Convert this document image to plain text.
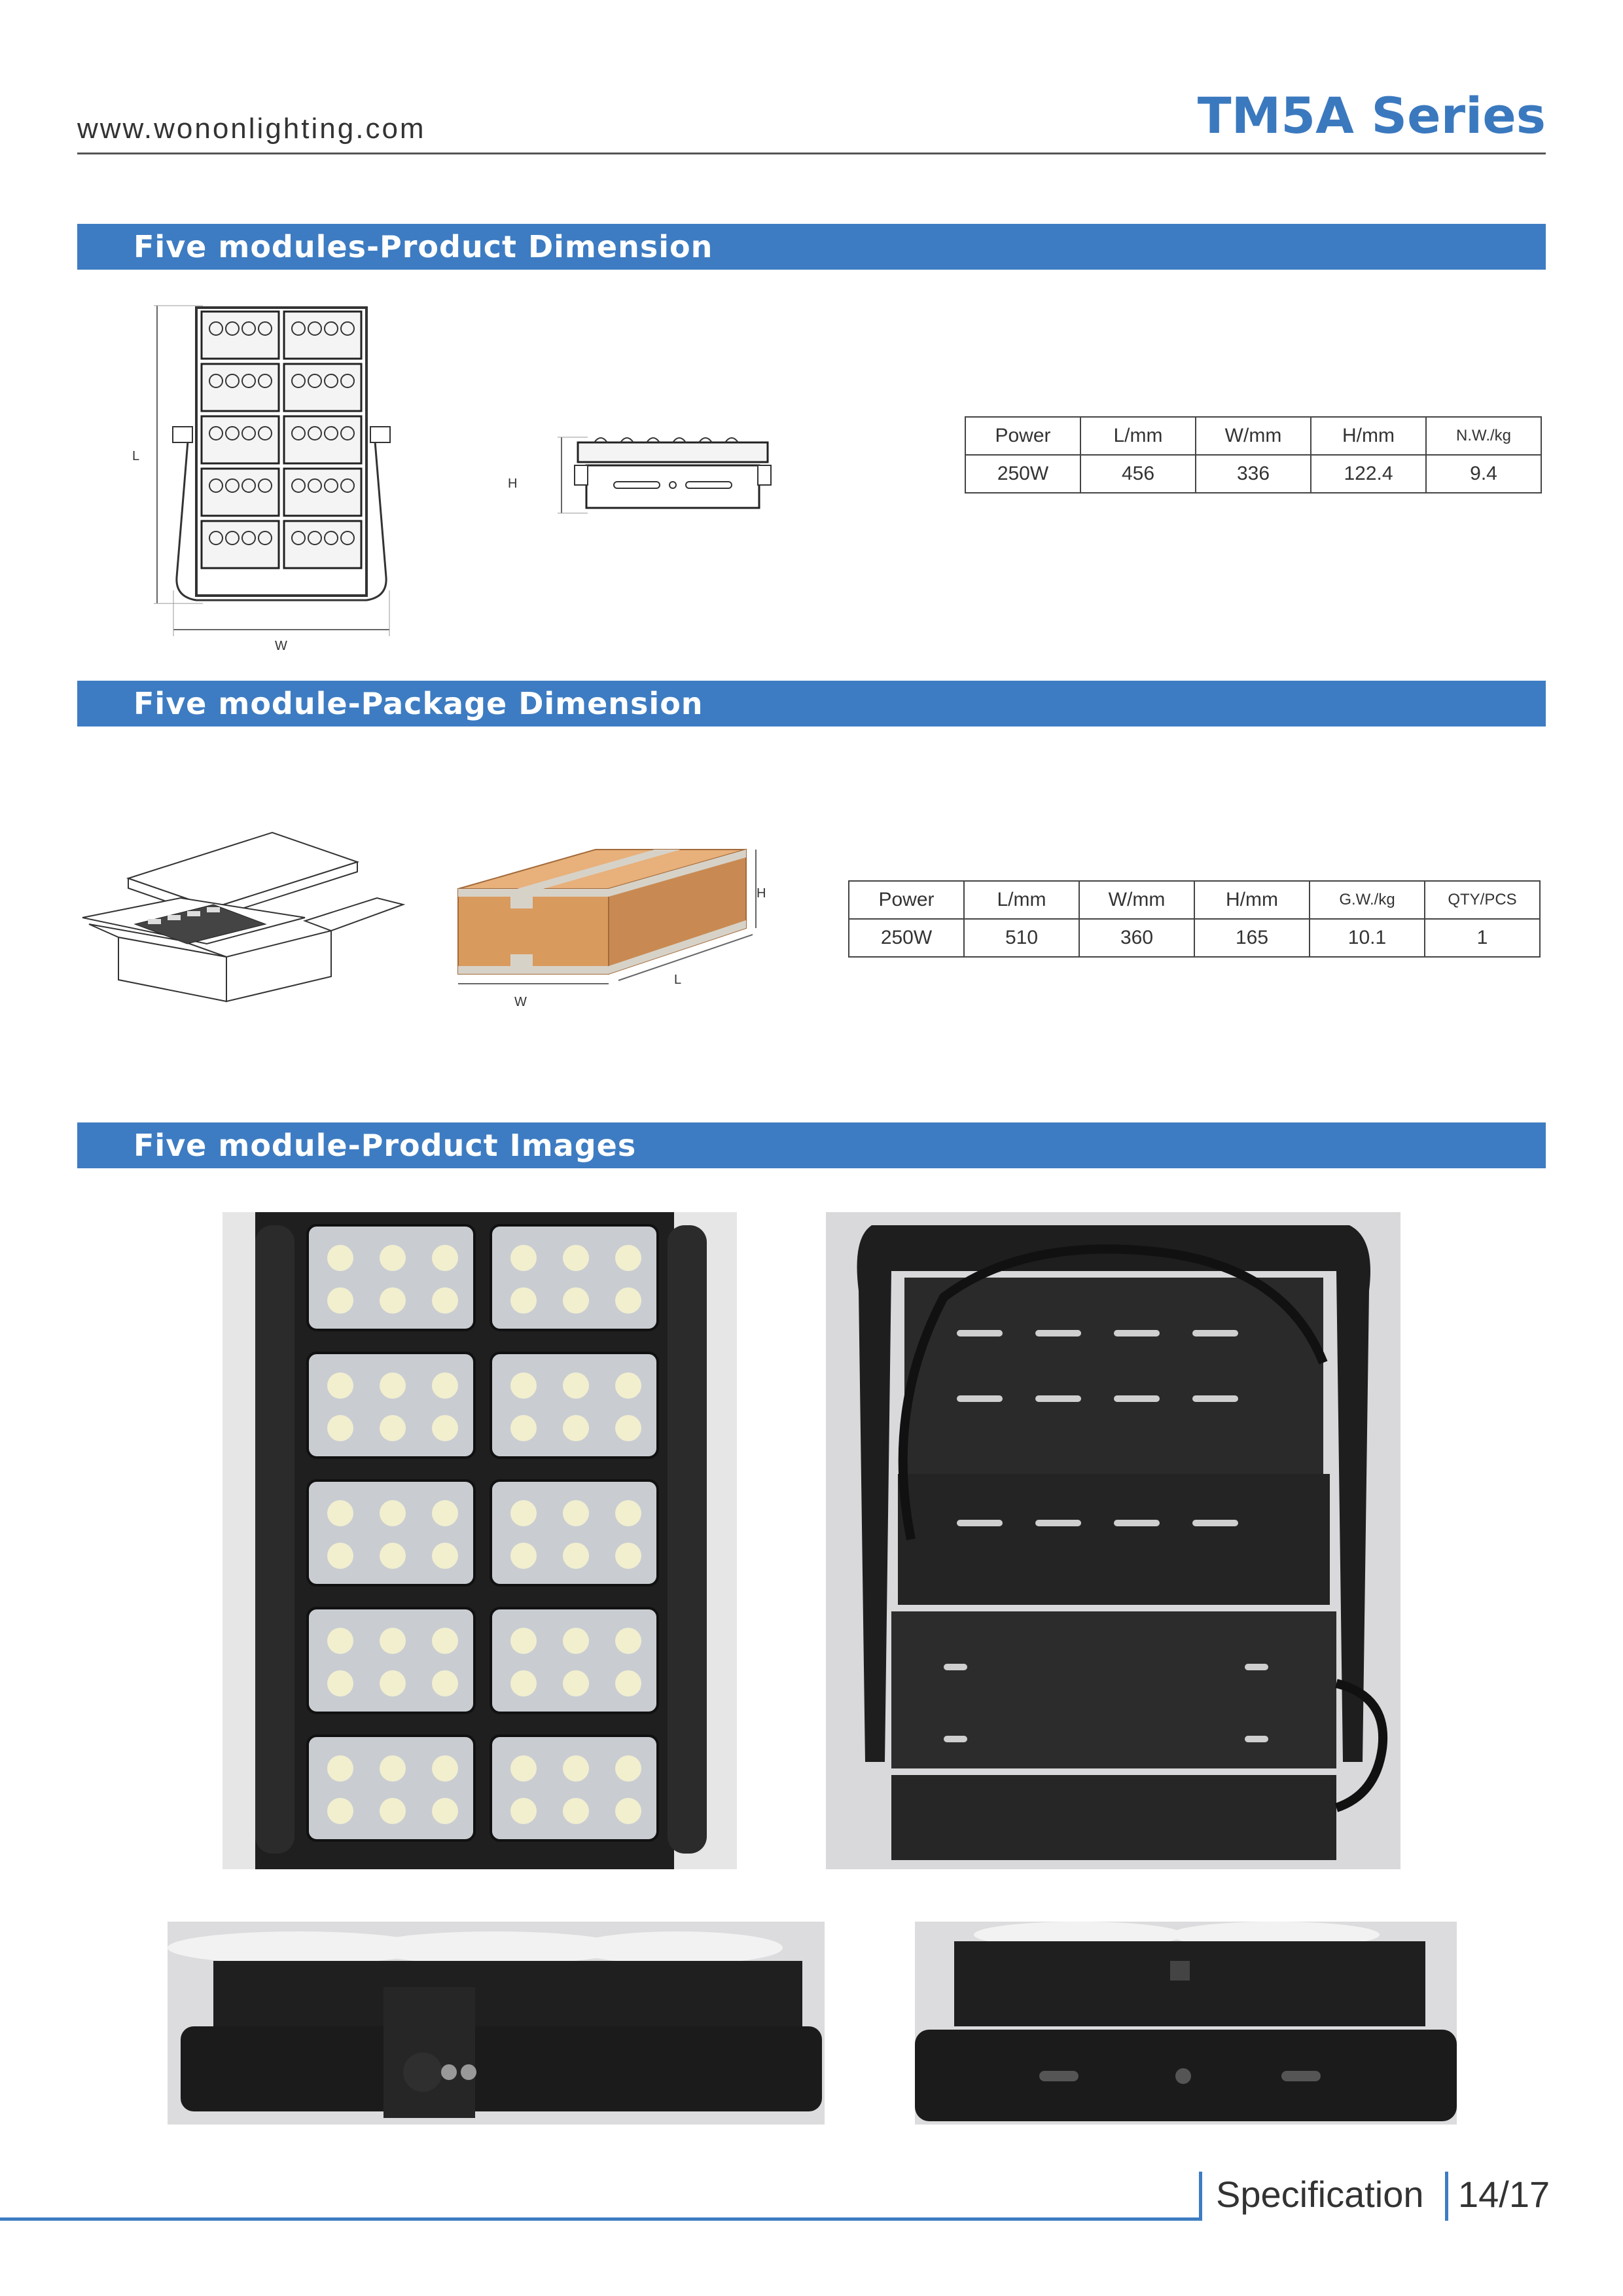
www.wononlighting.com	TM5A Series
Five modules-Product Dimension
L
W
H
Power	L/mm	W/mm	H/mm	N.W./kg
250W	456	336	122.4	9.4
Five module-Package Dimension
H
L
W
Power	L/mm	W/mm	H/mm	G.W./kg	QTY/PCS
250W	510	360	165	10.1	1
Five module-Product Images
Specification 14/17
